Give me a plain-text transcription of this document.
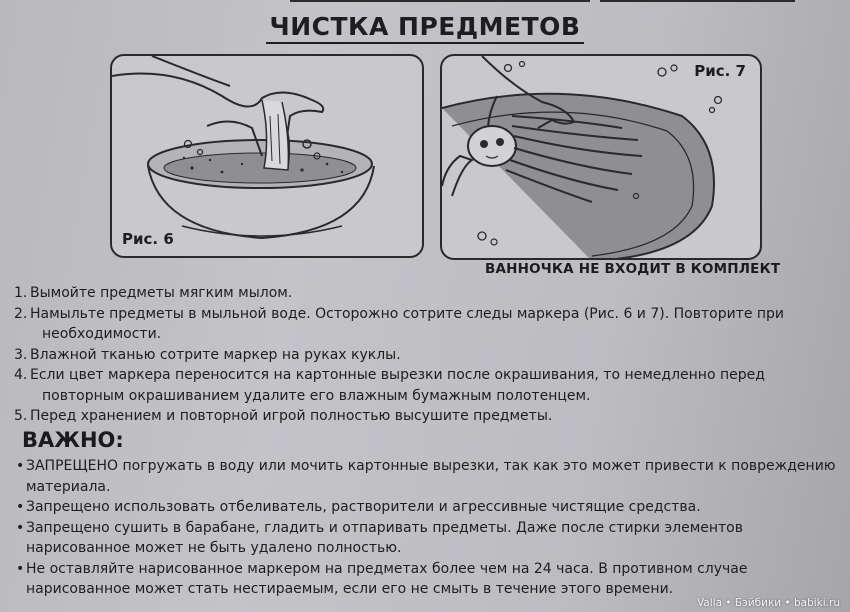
ЧИСТКА ПРЕДМЕТОВ
Рис. 6
Рис. 7
ВАННОЧКА НЕ ВХОДИТ В КОМПЛЕКТ
1. Вымойте предметы мягким мылом.
2. Намыльте предметы в мыльной воде. Осторожно сотрите следы маркера (Рис. 6 и 7). Повторите при
необходимости.
3. Влажной тканью сотрите маркер на руках куклы.
4. Если цвет маркера переносится на картонные вырезки после окрашивания, то немедленно перед
повторным окрашиванием удалите его влажным бумажным полотенцем.
5. Перед хранением и повторной игрой полностью высушите предметы.
ВАЖНО:
• ЗАПРЕЩЕНО погружать в воду или мочить картонные вырезки, так как это может привести к повреждению
материала.
• Запрещено использовать отбеливатель, растворители и агрессивные чистящие средства.
• Запрещено сушить в барабане, гладить и отпаривать предметы. Даже после стирки элементов
нарисованное может не быть удалено полностью.
• Не оставляйте нарисованное маркером на предметах более чем на 24 часа. В противном случае
нарисованное может стать нестираемым, если его не смыть в течение этого времени.
Valla • Бэйбики • babiki.ru
